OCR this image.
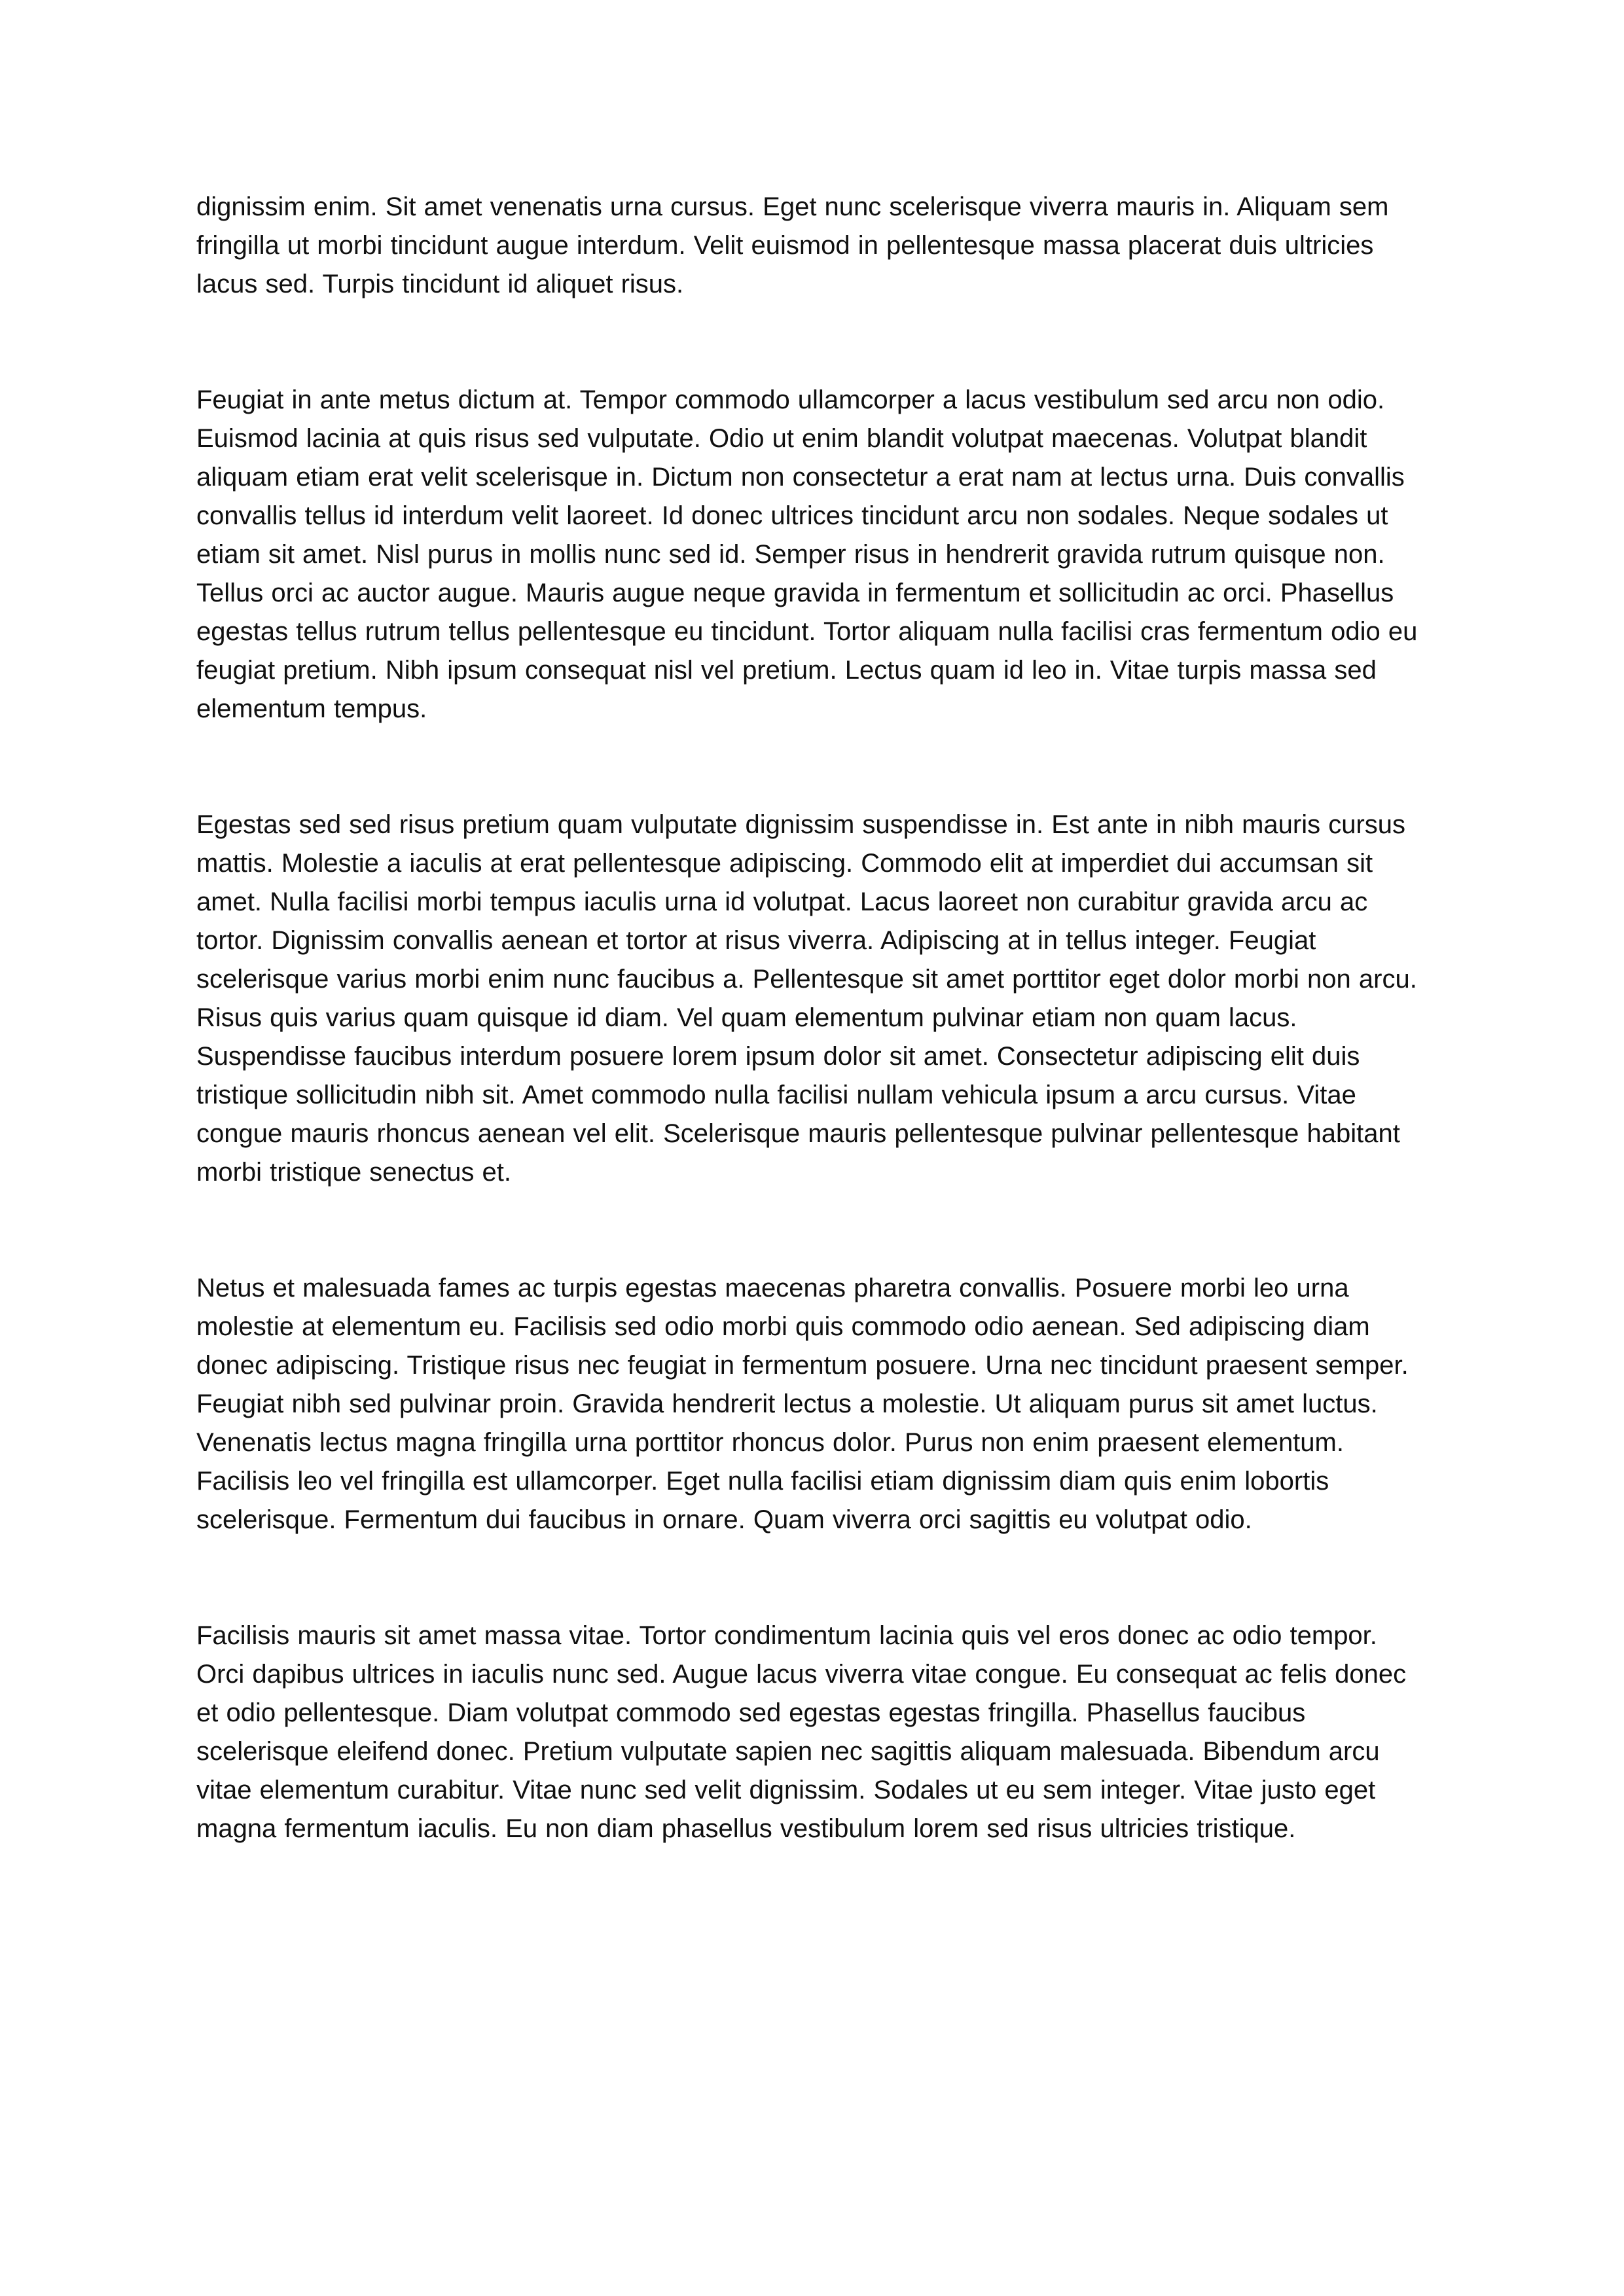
dignissim enim. Sit amet venenatis urna cursus. Eget nunc scelerisque viverra mauris in. Aliquam sem fringilla ut morbi tincidunt augue interdum. Velit euismod in pellentesque massa placerat duis ultricies lacus sed. Turpis tincidunt id aliquet risus.

Feugiat in ante metus dictum at. Tempor commodo ullamcorper a lacus vestibulum sed arcu non odio. Euismod lacinia at quis risus sed vulputate. Odio ut enim blandit volutpat maecenas. Volutpat blandit aliquam etiam erat velit scelerisque in. Dictum non consectetur a erat nam at lectus urna. Duis convallis convallis tellus id interdum velit laoreet. Id donec ultrices tincidunt arcu non sodales. Neque sodales ut etiam sit amet. Nisl purus in mollis nunc sed id. Semper risus in hendrerit gravida rutrum quisque non. Tellus orci ac auctor augue. Mauris augue neque gravida in fermentum et sollicitudin ac orci. Phasellus egestas tellus rutrum tellus pellentesque eu tincidunt. Tortor aliquam nulla facilisi cras fermentum odio eu feugiat pretium. Nibh ipsum consequat nisl vel pretium. Lectus quam id leo in. Vitae turpis massa sed elementum tempus.

Egestas sed sed risus pretium quam vulputate dignissim suspendisse in. Est ante in nibh mauris cursus mattis. Molestie a iaculis at erat pellentesque adipiscing. Commodo elit at imperdiet dui accumsan sit amet. Nulla facilisi morbi tempus iaculis urna id volutpat. Lacus laoreet non curabitur gravida arcu ac tortor. Dignissim convallis aenean et tortor at risus viverra. Adipiscing at in tellus integer. Feugiat scelerisque varius morbi enim nunc faucibus a. Pellentesque sit amet porttitor eget dolor morbi non arcu. Risus quis varius quam quisque id diam. Vel quam elementum pulvinar etiam non quam lacus. Suspendisse faucibus interdum posuere lorem ipsum dolor sit amet. Consectetur adipiscing elit duis tristique sollicitudin nibh sit. Amet commodo nulla facilisi nullam vehicula ipsum a arcu cursus. Vitae congue mauris rhoncus aenean vel elit. Scelerisque mauris pellentesque pulvinar pellentesque habitant morbi tristique senectus et.

Netus et malesuada fames ac turpis egestas maecenas pharetra convallis. Posuere morbi leo urna molestie at elementum eu. Facilisis sed odio morbi quis commodo odio aenean. Sed adipiscing diam donec adipiscing. Tristique risus nec feugiat in fermentum posuere. Urna nec tincidunt praesent semper. Feugiat nibh sed pulvinar proin. Gravida hendrerit lectus a molestie. Ut aliquam purus sit amet luctus. Venenatis lectus magna fringilla urna porttitor rhoncus dolor. Purus non enim praesent elementum. Facilisis leo vel fringilla est ullamcorper. Eget nulla facilisi etiam dignissim diam quis enim lobortis scelerisque. Fermentum dui faucibus in ornare. Quam viverra orci sagittis eu volutpat odio.

Facilisis mauris sit amet massa vitae. Tortor condimentum lacinia quis vel eros donec ac odio tempor. Orci dapibus ultrices in iaculis nunc sed. Augue lacus viverra vitae congue. Eu consequat ac felis donec et odio pellentesque. Diam volutpat commodo sed egestas egestas fringilla. Phasellus faucibus scelerisque eleifend donec. Pretium vulputate sapien nec sagittis aliquam malesuada. Bibendum arcu vitae elementum curabitur. Vitae nunc sed velit dignissim. Sodales ut eu sem integer. Vitae justo eget magna fermentum iaculis. Eu non diam phasellus vestibulum lorem sed risus ultricies tristique.
